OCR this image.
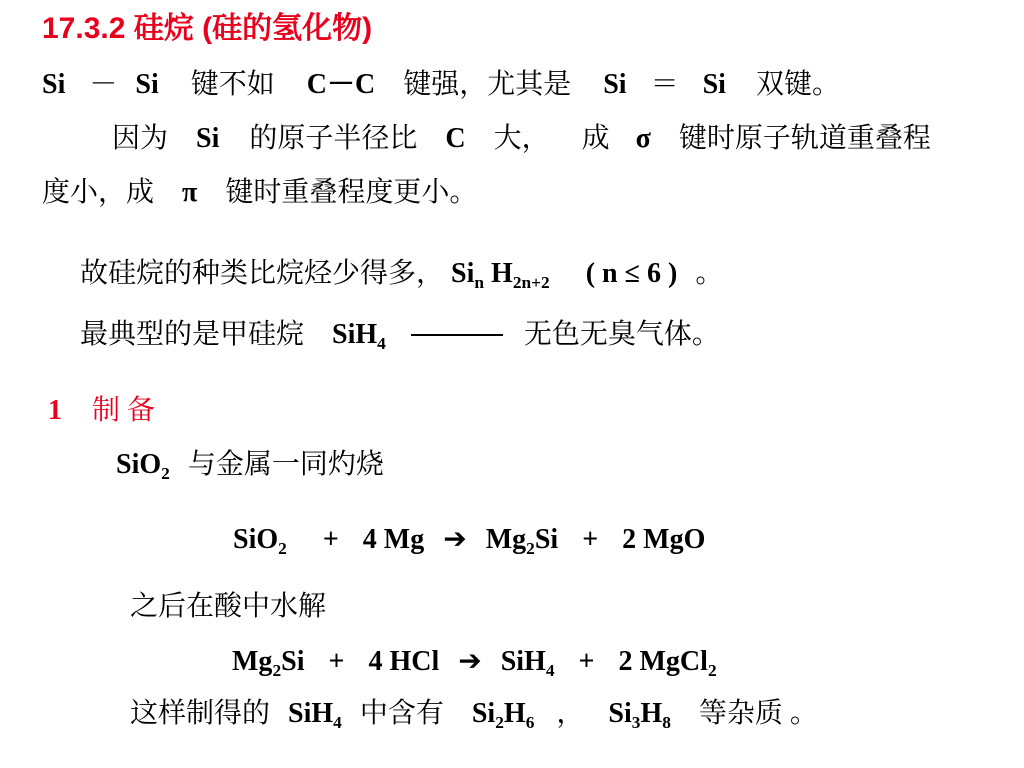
17.3.2 硅烷 (硅的氢化物)
Si － Si 键不如 C－C 键强，尤其是 Si ＝ Si 双键。
因为 Si 的原子半径比 C 大， 成 σ 键时原子轨道重叠程
度小，成 π 键时重叠程度更小。
故硅烷的种类比烷烃少得多， $Si_n$ $H_{2n+2}$ ( n ≤ 6 ) 。
最典型的是甲硅烷 SiH$_4$	无色无臭气体。
1 制 备
SiO$_2$ 与金属一同灼烧
SiO$_2$ + 4 Mg ➔ $Mg_2Si + 2$ MgO
之后在酸中水解
$Mg_2Si + 4$ HCl ➔ SiH$_4$ + 2 MgCl$_2$
这样制得的 SiH$_4$ 中含有 $Si_2H_6$ ， $Si_3H_8$ 等杂质 。
